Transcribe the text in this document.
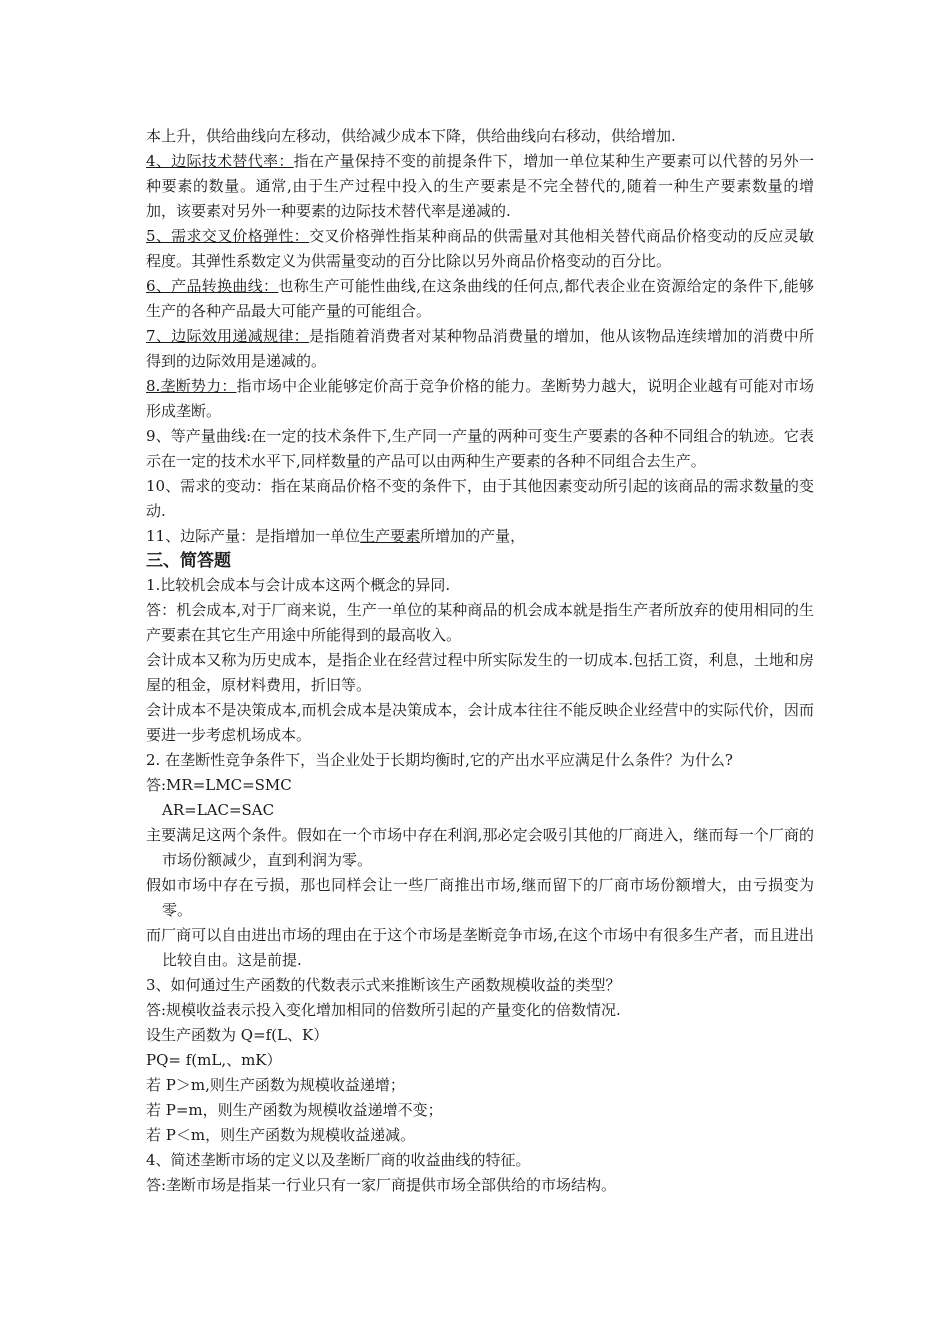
本上升，供给曲线向左移动，供给减少成本下降，供给曲线向右移动，供给增加.

4、边际技术替代率：指在产量保持不变的前提条件下，增加一单位某种生产要素可以代替的另外一种要素的数量。通常,由于生产过程中投入的生产要素是不完全替代的,随着一种生产要素数量的增加，该要素对另外一种要素的边际技术替代率是递减的.

5、需求交叉价格弹性：交叉价格弹性指某种商品的供需量对其他相关替代商品价格变动的反应灵敏程度。其弹性系数定义为供需量变动的百分比除以另外商品价格变动的百分比。

6、产品转换曲线：也称生产可能性曲线,在这条曲线的任何点,都代表企业在资源给定的条件下,能够生产的各种产品最大可能产量的可能组合。

7、边际效用递减规律：是指随着消费者对某种物品消费量的增加，他从该物品连续增加的消费中所得到的边际效用是递减的。

8.垄断势力：指市场中企业能够定价高于竞争价格的能力。垄断势力越大，说明企业越有可能对市场形成垄断。

9、等产量曲线:在一定的技术条件下,生产同一产量的两种可变生产要素的各种不同组合的轨迹。它表示在一定的技术水平下,同样数量的产品可以由两种生产要素的各种不同组合去生产。

10、需求的变动：指在某商品价格不变的条件下，由于其他因素变动所引起的该商品的需求数量的变动.

11、边际产量：是指增加一单位生产要素所增加的产量，

三、简答题

1.比较机会成本与会计成本这两个概念的异同.

答：机会成本,对于厂商来说，生产一单位的某种商品的机会成本就是指生产者所放弃的使用相同的生产要素在其它生产用途中所能得到的最高收入。

会计成本又称为历史成本，是指企业在经营过程中所实际发生的一切成本.包括工资，利息，土地和房屋的租金，原材料费用，折旧等。

会计成本不是决策成本,而机会成本是决策成本，会计成本往往不能反映企业经营中的实际代价，因而要进一步考虑机场成本。

2. 在垄断性竞争条件下，当企业处于长期均衡时,它的产出水平应满足什么条件？为什么?

答:MR=LMC=SMC

AR=LAC=SAC

主要满足这两个条件。假如在一个市场中存在利润,那必定会吸引其他的厂商进入，继而每一个厂商的市场份额减少，直到利润为零。

假如市场中存在亏损，那也同样会让一些厂商推出市场,继而留下的厂商市场份额增大，由亏损变为零。

而厂商可以自由进出市场的理由在于这个市场是垄断竞争市场,在这个市场中有很多生产者，而且进出比较自由。这是前提.

3、如何通过生产函数的代数表示式来推断该生产函数规模收益的类型？

答:规模收益表示投入变化增加相同的倍数所引起的产量变化的倍数情况.

设生产函数为 Q=f(L、K）

PQ= f(mL,、mK）

若 P＞m,则生产函数为规模收益递增；

若 P=m，则生产函数为规模收益递增不变；

若 P＜m，则生产函数为规模收益递减。

4、简述垄断市场的定义以及垄断厂商的收益曲线的特征。

答:垄断市场是指某一行业只有一家厂商提供市场全部供给的市场结构。
